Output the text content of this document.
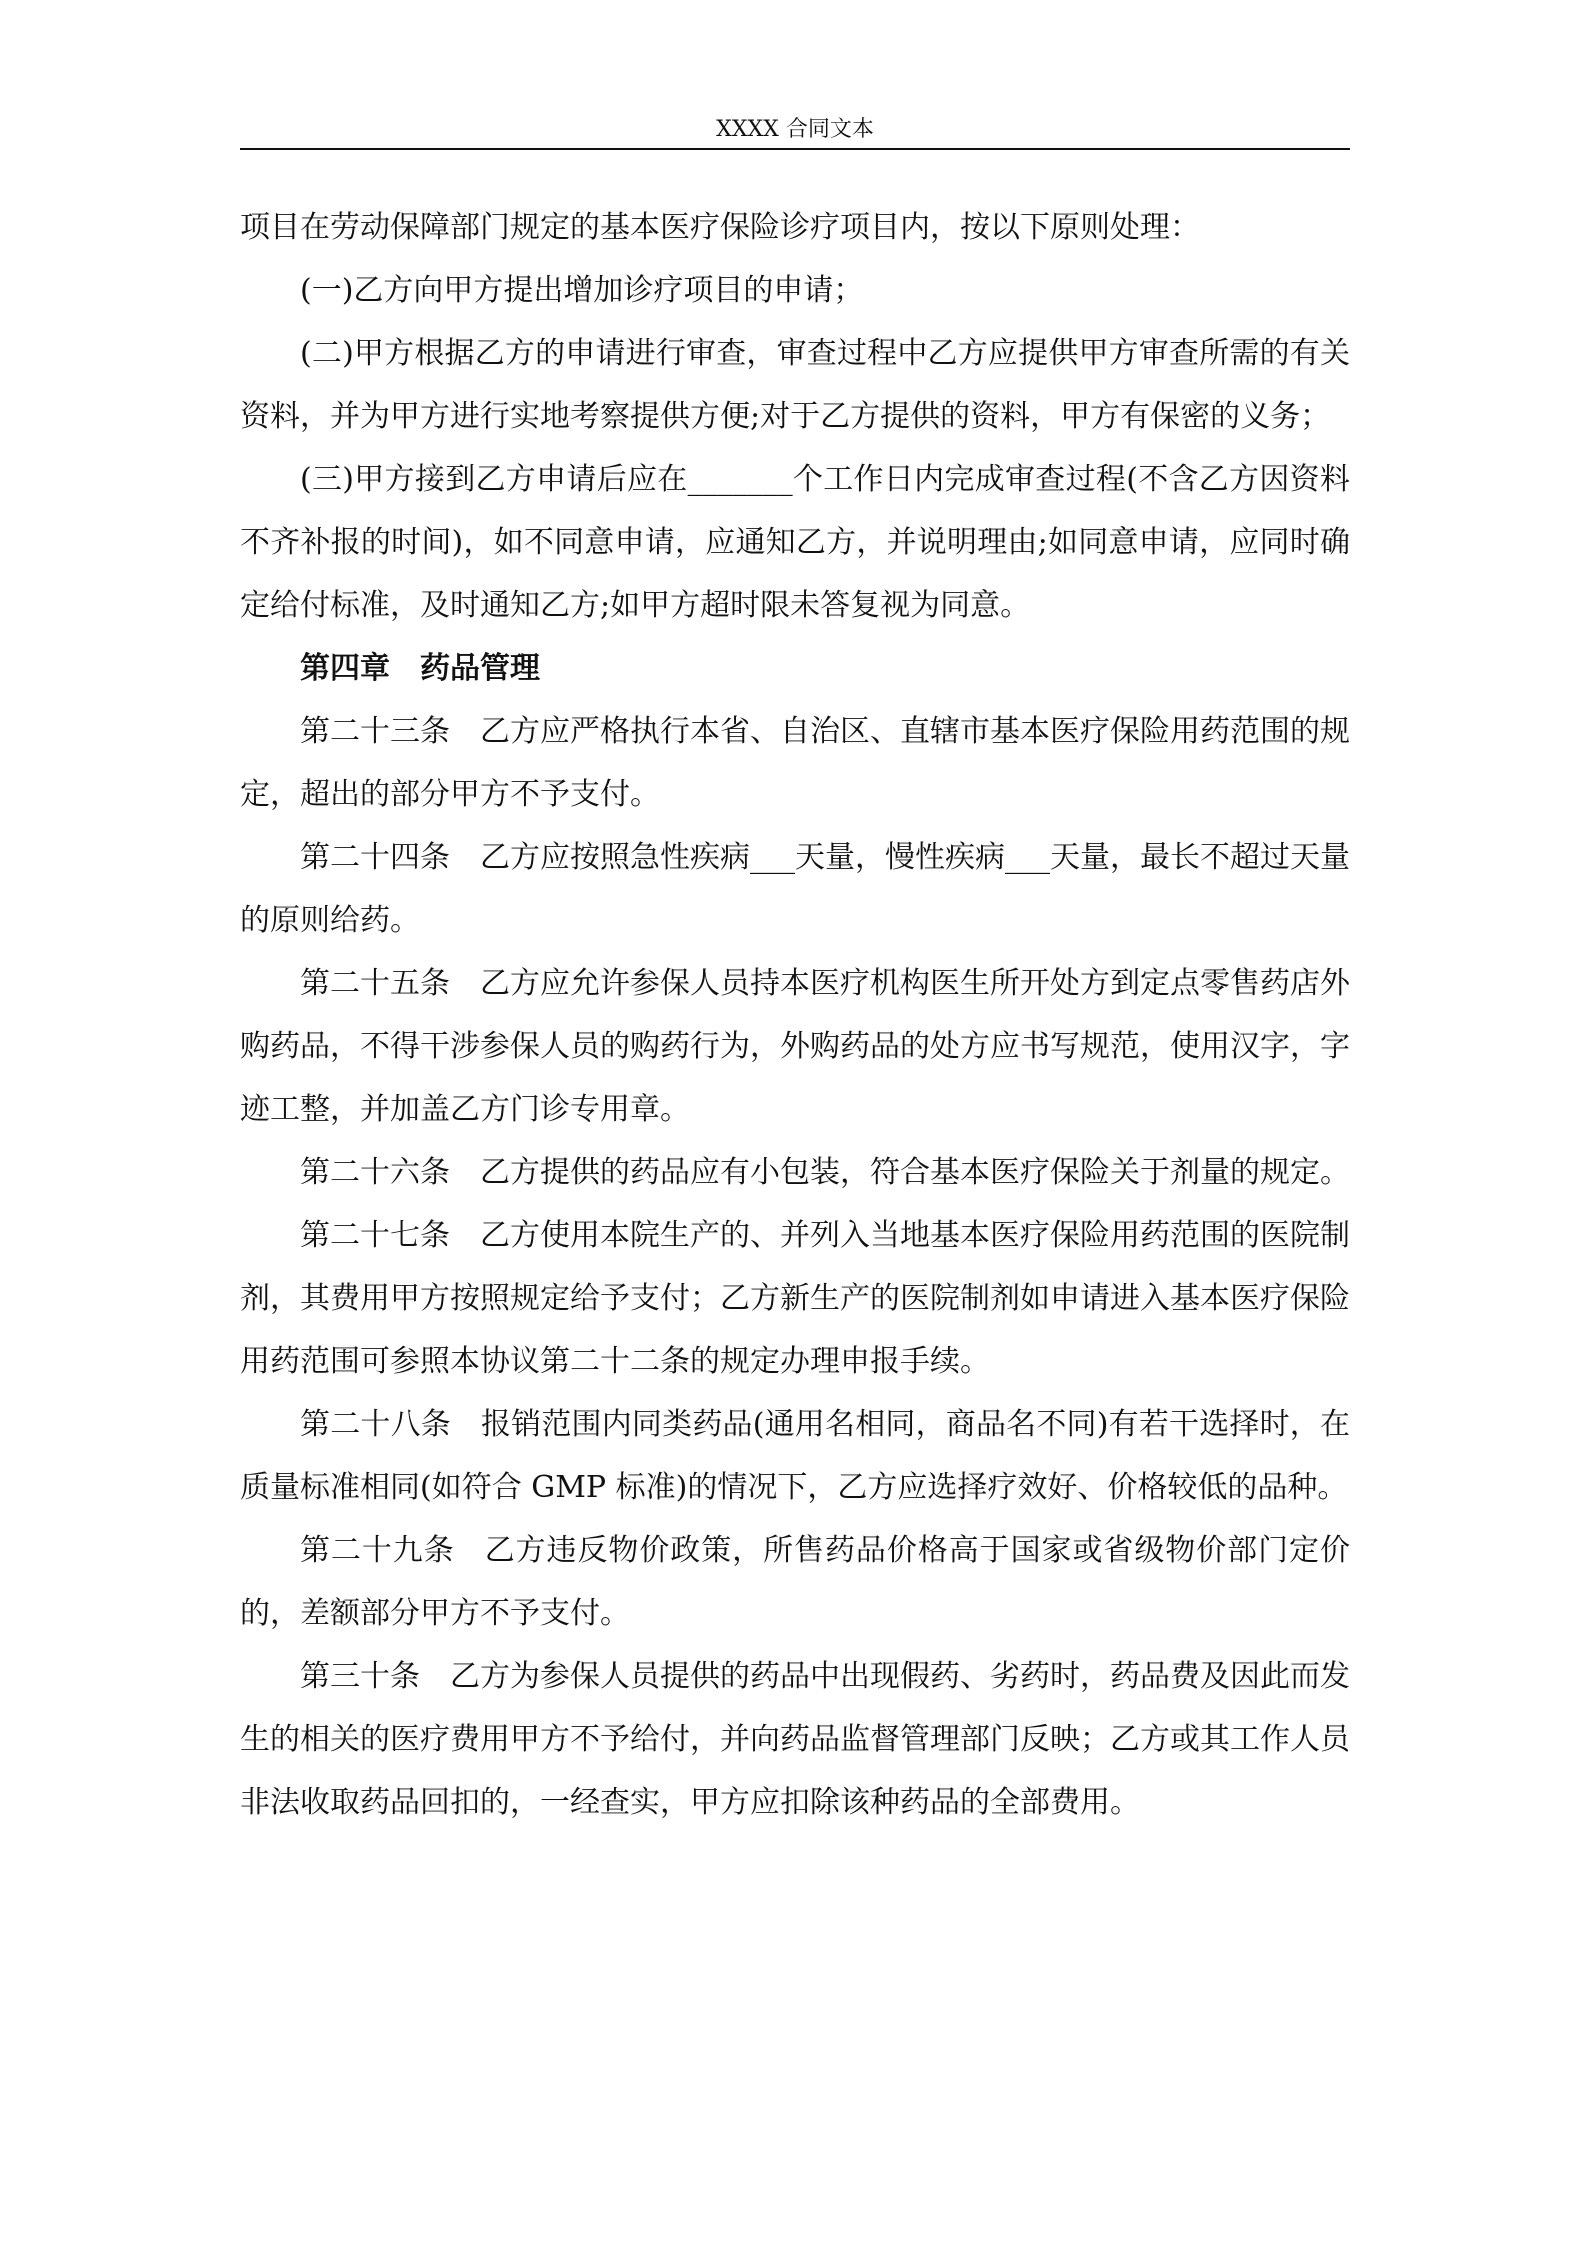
XXXX 合同文本

项目在劳动保障部门规定的基本医疗保险诊疗项目内，按以下原则处理：

(一)乙方向甲方提出增加诊疗项目的申请；

(二)甲方根据乙方的申请进行审查，审查过程中乙方应提供甲方审查所需的有关资料，并为甲方进行实地考察提供方便;对于乙方提供的资料，甲方有保密的义务；

(三)甲方接到乙方申请后应在_______个工作日内完成审查过程(不含乙方因资料不齐补报的时间)，如不同意申请，应通知乙方，并说明理由;如同意申请，应同时确定给付标准，及时通知乙方;如甲方超时限未答复视为同意。

第四章　药品管理

第二十三条 乙方应严格执行本省、自治区、直辖市基本医疗保险用药范围的规定，超出的部分甲方不予支付。

第二十四条 乙方应按照急性疾病___天量，慢性疾病___天量，最长不超过天量的原则给药。

第二十五条 乙方应允许参保人员持本医疗机构医生所开处方到定点零售药店外购药品，不得干涉参保人员的购药行为，外购药品的处方应书写规范，使用汉字，字迹工整，并加盖乙方门诊专用章。

第二十六条 乙方提供的药品应有小包装，符合基本医疗保险关于剂量的规定。

第二十七条 乙方使用本院生产的、并列入当地基本医疗保险用药范围的医院制剂，其费用甲方按照规定给予支付；乙方新生产的医院制剂如申请进入基本医疗保险用药范围可参照本协议第二十二条的规定办理申报手续。

第二十八条 报销范围内同类药品(通用名相同，商品名不同)有若干选择时，在质量标准相同(如符合 GMP 标准)的情况下，乙方应选择疗效好、价格较低的品种。

第二十九条 乙方违反物价政策，所售药品价格高于国家或省级物价部门定价的，差额部分甲方不予支付。

第三十条 乙方为参保人员提供的药品中出现假药、劣药时，药品费及因此而发生的相关的医疗费用甲方不予给付，并向药品监督管理部门反映；乙方或其工作人员非法收取药品回扣的，一经查实，甲方应扣除该种药品的全部费用。
